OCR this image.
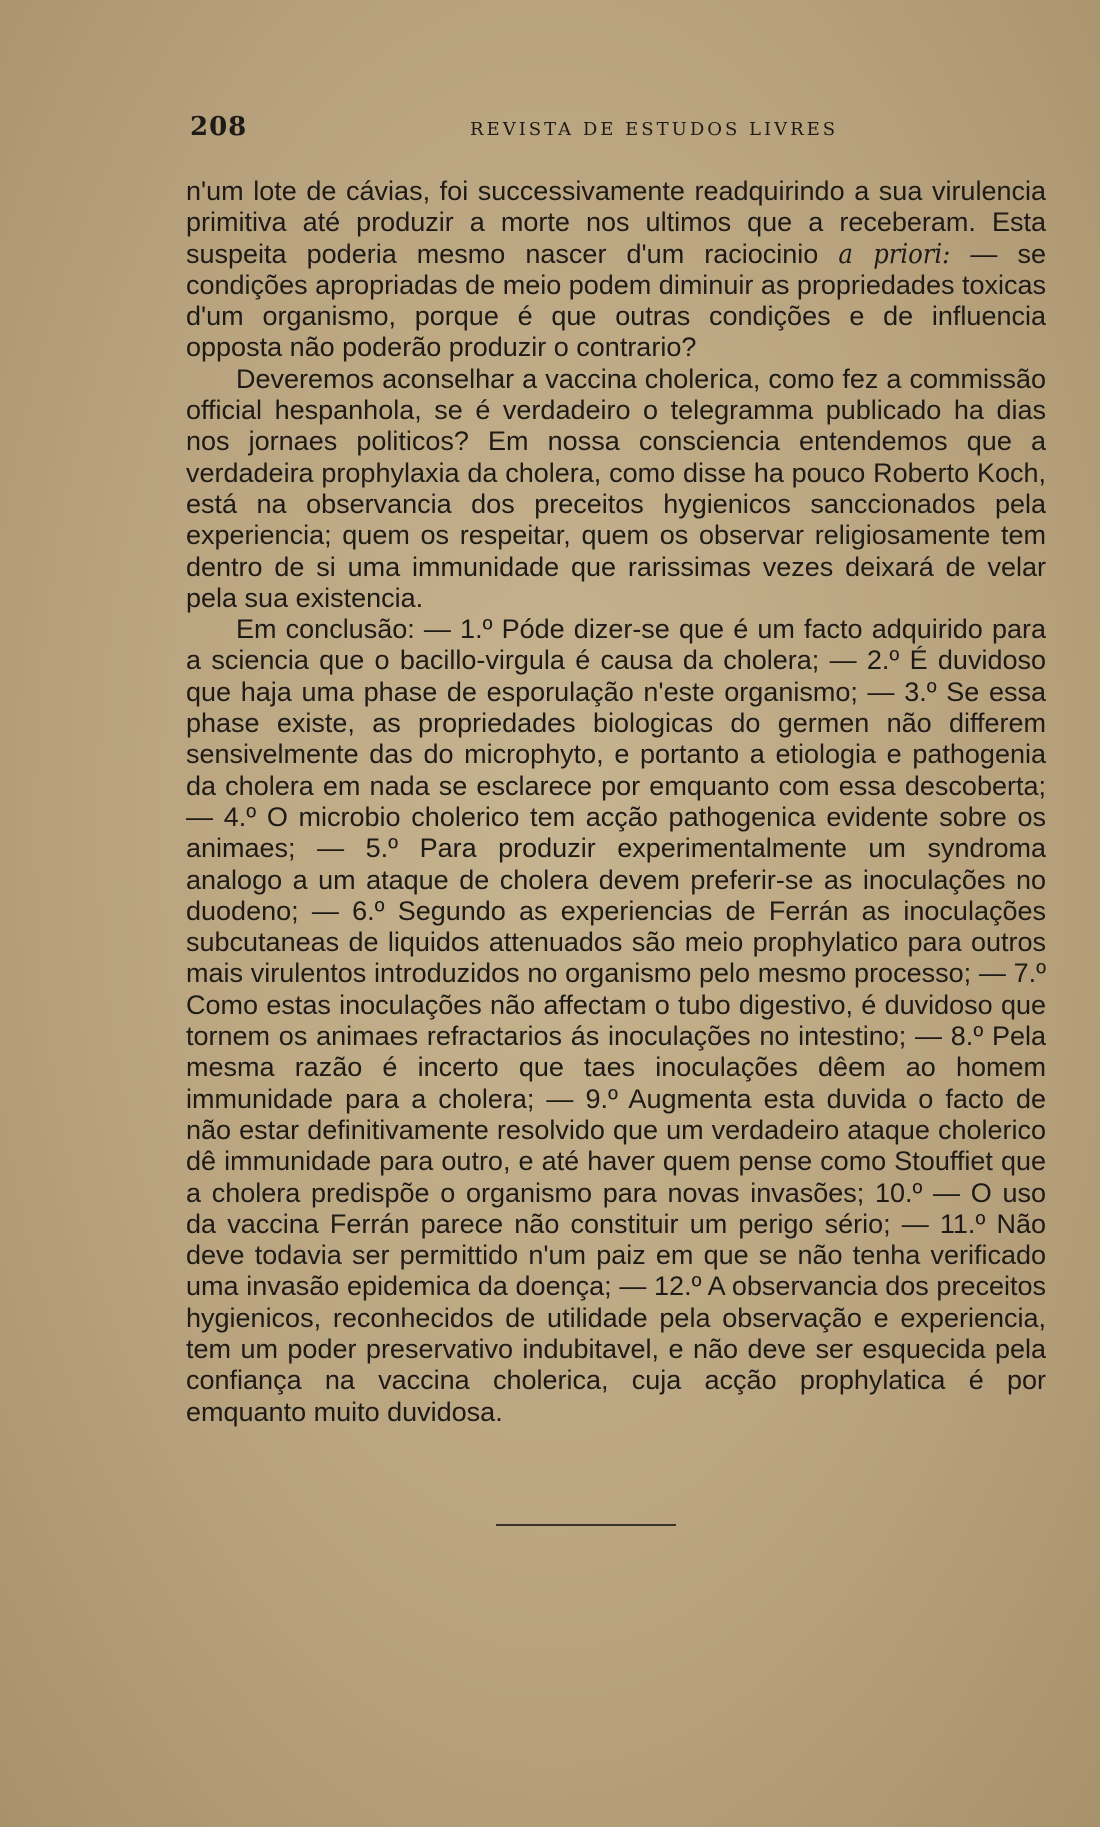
208	REVISTA DE ESTUDOS LIVRES

n'um lote de cávias, foi successivamente readquirindo a sua virulencia primitiva até produzir a morte nos ultimos que a receberam. Esta suspeita poderia mesmo nascer d'um raciocinio a priori: — se condições apropriadas de meio podem diminuir as propriedades toxicas d'um organismo, porque é que outras condições e de influencia opposta não poderão produzir o contrario?

Deveremos aconselhar a vaccina cholerica, como fez a commissão official hespanhola, se é verdadeiro o telegramma publicado ha dias nos jornaes politicos? Em nossa consciencia entendemos que a verdadeira prophylaxia da cholera, como disse ha pouco Roberto Koch, está na observancia dos preceitos hygienicos sanccionados pela experiencia; quem os respeitar, quem os observar religiosamente tem dentro de si uma immunidade que rarissimas vezes deixará de velar pela sua existencia.

Em conclusão: — 1.º Póde dizer-se que é um facto adquirido para a sciencia que o bacillo-virgula é causa da cholera; — 2.º É duvidoso que haja uma phase de esporulação n'este organismo; — 3.º Se essa phase existe, as propriedades biologicas do germen não differem sensivelmente das do microphyto, e portanto a etiologia e pathogenia da cholera em nada se esclarece por emquanto com essa descoberta; — 4.º O microbio cholerico tem acção pathogenica evidente sobre os animaes; — 5.º Para produzir experimentalmente um syndroma analogo a um ataque de cholera devem preferir-se as inoculações no duodeno; — 6.º Segundo as experiencias de Ferrán as inoculações subcutaneas de liquidos attenuados são meio prophylatico para outros mais virulentos introduzidos no organismo pelo mesmo processo; — 7.º Como estas inoculações não affectam o tubo digestivo, é duvidoso que tornem os animaes refractarios ás inoculações no intestino; — 8.º Pela mesma razão é incerto que taes inoculações dêem ao homem immunidade para a cholera; — 9.º Augmenta esta duvida o facto de não estar definitivamente resolvido que um verdadeiro ataque cholerico dê immunidade para outro, e até haver quem pense como Stouffiet que a cholera predispõe o organismo para novas invasões; 10.º — O uso da vaccina Ferrán parece não constituir um perigo sério; — 11.º Não deve todavia ser permittido n'um paiz em que se não tenha verificado uma invasão epidemica da doença; — 12.º A observancia dos preceitos hygienicos, reconhecidos de utilidade pela observação e experiencia, tem um poder preservativo indubitavel, e não deve ser esquecida pela confiança na vaccina cholerica, cuja acção prophylatica é por emquanto muito duvidosa.
